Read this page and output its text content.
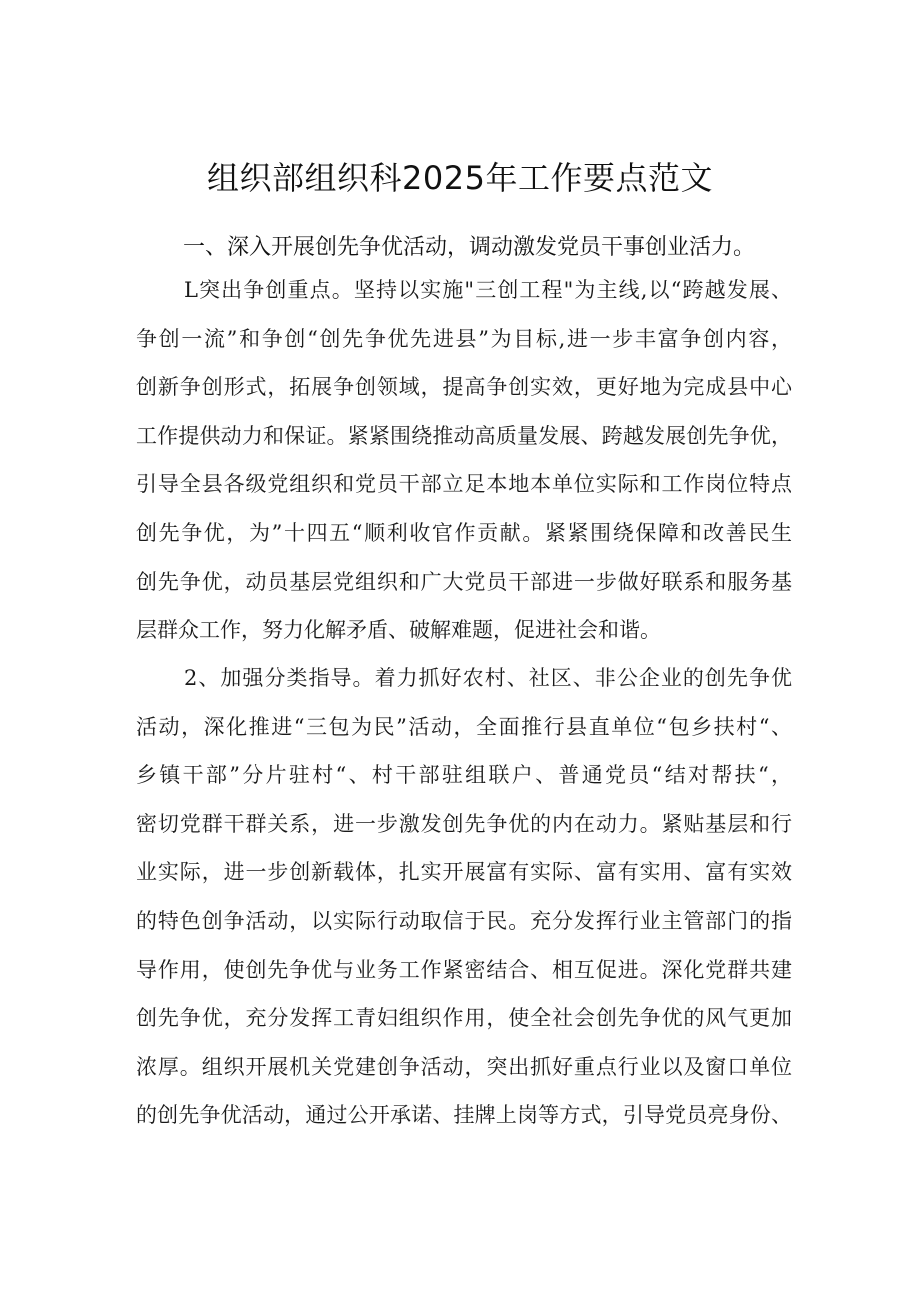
组织部组织科2025年工作要点范文
一、深入开展创先争优活动，调动激发党员干事创业活力。
L突出争创重点。坚持以实施"三创工程"为主线,以“跨越发展、
争创一流”和争创“创先争优先进县”为目标,进一步丰富争创内容，
创新争创形式，拓展争创领域，提高争创实效，更好地为完成县中心
工作提供动力和保证。紧紧围绕推动高质量发展、跨越发展创先争优，
引导全县各级党组织和党员干部立足本地本单位实际和工作岗位特点
创先争优，为”十四五“顺利收官作贡献。紧紧围绕保障和改善民生
创先争优，动员基层党组织和广大党员干部进一步做好联系和服务基
层群众工作，努力化解矛盾、破解难题，促进社会和谐。
2、加强分类指导。着力抓好农村、社区、非公企业的创先争优
活动，深化推进“三包为民”活动，全面推行县直单位“包乡扶村“、
乡镇干部”分片驻村“、村干部驻组联户、普通党员“结对帮扶“，
密切党群干群关系，进一步激发创先争优的内在动力。紧贴基层和行
业实际，进一步创新载体，扎实开展富有实际、富有实用、富有实效
的特色创争活动，以实际行动取信于民。充分发挥行业主管部门的指
导作用，使创先争优与业务工作紧密结合、相互促进。深化党群共建
创先争优，充分发挥工青妇组织作用，使全社会创先争优的风气更加
浓厚。组织开展机关党建创争活动，突出抓好重点行业以及窗口单位
的创先争优活动，通过公开承诺、挂牌上岗等方式，引导党员亮身份、
